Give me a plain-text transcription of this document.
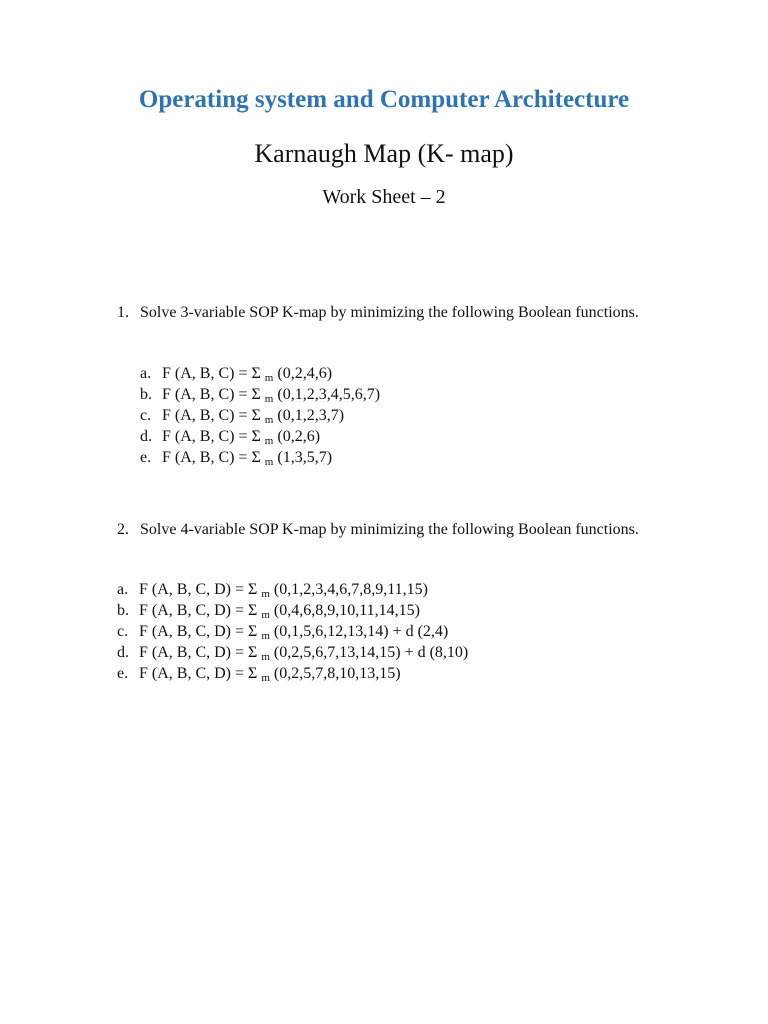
Operating system and Computer Architecture
Karnaugh Map (K- map)
Work Sheet – 2
1. Solve 3-variable SOP K-map by minimizing the following Boolean functions.
a. F (A, B, C) = Σ $_m$ (0,2,4,6)
b. F (A, B, C) = Σ $_m$ (0,1,2,3,4,5,6,7)
c. F (A, B, C) = Σ $_m$ (0,1,2,3,7)
d. F (A, B, C) = Σ $_m$ (0,2,6)
e. F (A, B, C) = Σ $_m$ (1,3,5,7)
2. Solve 4-variable SOP K-map by minimizing the following Boolean functions.
a. F (A, B, C, D) = Σ $_m$ (0,1,2,3,4,6,7,8,9,11,15)
b. F (A, B, C, D) = Σ $_m$ (0,4,6,8,9,10,11,14,15)
c. F (A, B, C, D) = Σ $_m$ (0,1,5,6,12,13,14) + d (2,4)
d. F (A, B, C, D) = Σ $_m$ (0,2,5,6,7,13,14,15) + d (8,10)
e. F (A, B, C, D) = Σ $_m$ (0,2,5,7,8,10,13,15)
